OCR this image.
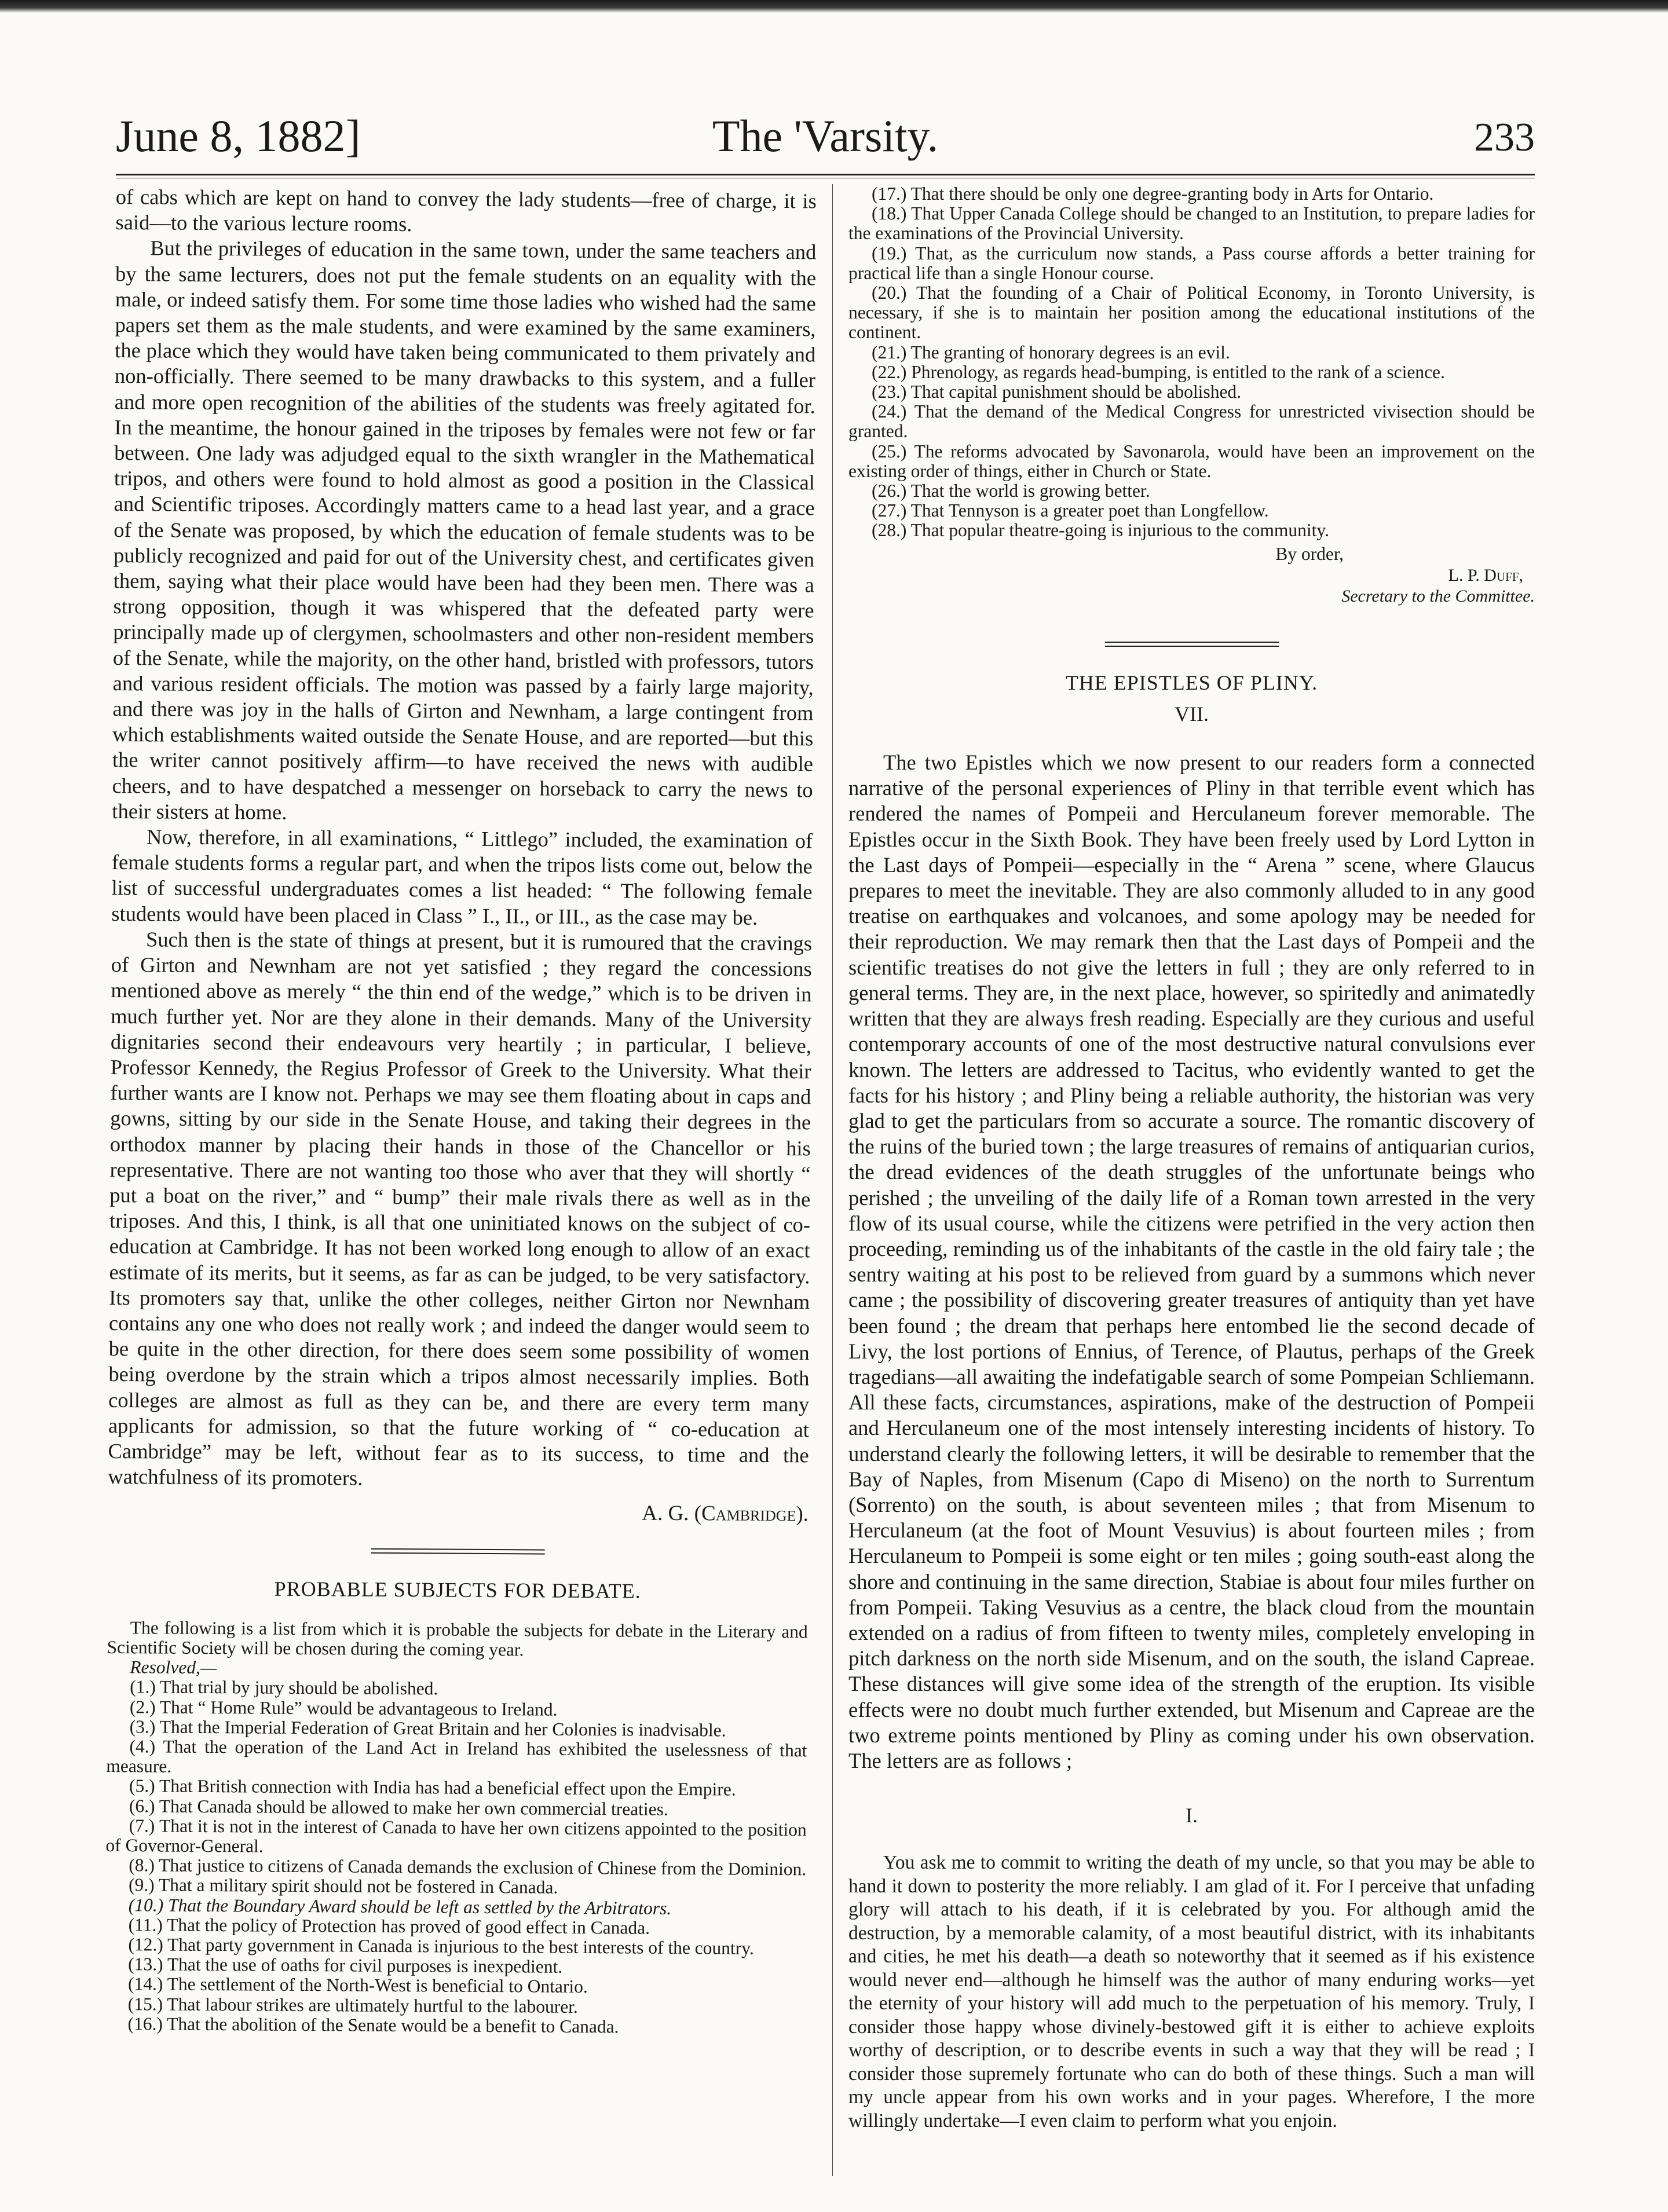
The 'Varsity.
June 8, 1882]	233

of cabs which are kept on hand to convey the lady students—free of charge, it is said—to the various lecture rooms.

But the privileges of education in the same town, under the same teachers and by the same lecturers, does not put the female students on an equality with the male, or indeed satisfy them. For some time those ladies who wished had the same papers set them as the male students, and were examined by the same examiners, the place which they would have taken being communicated to them privately and non-officially. There seemed to be many drawbacks to this system, and a fuller and more open recognition of the abilities of the students was freely agitated for. In the meantime, the honour gained in the triposes by females were not few or far between. One lady was adjudged equal to the sixth wrangler in the Mathematical tripos, and others were found to hold almost as good a position in the Classical and Scientific triposes. Accordingly matters came to a head last year, and a grace of the Senate was proposed, by which the education of female students was to be publicly recognized and paid for out of the University chest, and certificates given them, saying what their place would have been had they been men. There was a strong opposition, though it was whispered that the defeated party were principally made up of clergymen, schoolmasters and other non-resident members of the Senate, while the majority, on the other hand, bristled with professors, tutors and various resident officials. The motion was passed by a fairly large majority, and there was joy in the halls of Girton and Newnham, a large contingent from which establishments waited outside the Senate House, and are reported—but this the writer cannot positively affirm—to have received the news with audible cheers, and to have despatched a messenger on horseback to carry the news to their sisters at home.

Now, therefore, in all examinations, “ Littlego” included, the examination of female students forms a regular part, and when the tripos lists come out, below the list of successful undergraduates comes a list headed: “ The following female students would have been placed in Class ” I., II., or III., as the case may be.

Such then is the state of things at present, but it is rumoured that the cravings of Girton and Newnham are not yet satisfied ; they regard the concessions mentioned above as merely “ the thin end of the wedge,” which is to be driven in much further yet. Nor are they alone in their demands. Many of the University dignitaries second their endeavours very heartily ; in particular, I believe, Professor Kennedy, the Regius Professor of Greek to the University. What their further wants are I know not. Perhaps we may see them floating about in caps and gowns, sitting by our side in the Senate House, and taking their degrees in the orthodox manner by placing their hands in those of the Chancellor or his representative. There are not wanting too those who aver that they will shortly “ put a boat on the river,” and “ bump” their male rivals there as well as in the triposes. And this, I think, is all that one uninitiated knows on the subject of co-education at Cambridge. It has not been worked long enough to allow of an exact estimate of its merits, but it seems, as far as can be judged, to be very satisfactory. Its promoters say that, unlike the other colleges, neither Girton nor Newnham contains any one who does not really work ; and indeed the danger would seem to be quite in the other direction, for there does seem some possibility of women being overdone by the strain which a tripos almost necessarily implies. Both colleges are almost as full as they can be, and there are every term many applicants for admission, so that the future working of “ co-education at Cambridge” may be left, without fear as to its success, to time and the watchfulness of its promoters.

A. G. (Cambridge).
PROBABLE SUBJECTS FOR DEBATE.

The following is a list from which it is probable the subjects for debate in the Literary and Scientific Society will be chosen during the coming year.

Resolved,—

(1.) That trial by jury should be abolished.

(2.) That “ Home Rule” would be advantageous to Ireland.

(3.) That the Imperial Federation of Great Britain and her Colonies is inadvisable.

(4.) That the operation of the Land Act in Ireland has exhibited the uselessness of that measure.

(5.) That British connection with India has had a beneficial effect upon the Empire.

(6.) That Canada should be allowed to make her own commercial treaties.

(7.) That it is not in the interest of Canada to have her own citizens appointed to the position of Governor-General.

(8.) That justice to citizens of Canada demands the exclusion of Chinese from the Dominion.

(9.) That a military spirit should not be fostered in Canada.

(10.) That the Boundary Award should be left as settled by the Arbitrators.

(11.) That the policy of Protection has proved of good effect in Canada.

(12.) That party government in Canada is injurious to the best interests of the country.

(13.) That the use of oaths for civil purposes is inexpedient.

(14.) The settlement of the North-West is beneficial to Ontario.

(15.) That labour strikes are ultimately hurtful to the labourer.

(16.) That the abolition of the Senate would be a benefit to Canada.

(17.) That there should be only one degree-granting body in Arts for Ontario.

(18.) That Upper Canada College should be changed to an Institution, to prepare ladies for the examinations of the Provincial University.

(19.) That, as the curriculum now stands, a Pass course affords a better training for practical life than a single Honour course.

(20.) That the founding of a Chair of Political Economy, in Toronto University, is necessary, if she is to maintain her position among the educational institutions of the continent.

(21.) The granting of honorary degrees is an evil.

(22.) Phrenology, as regards head-bumping, is entitled to the rank of a science.

(23.) That capital punishment should be abolished.

(24.) That the demand of the Medical Congress for unrestricted vivisection should be granted.

(25.) The reforms advocated by Savonarola, would have been an improvement on the existing order of things, either in Church or State.

(26.) That the world is growing better.

(27.) That Tennyson is a greater poet than Longfellow.

(28.) That popular theatre-going is injurious to the community.

By order,
L. P. Duff,
Secretary to the Committee.
THE EPISTLES OF PLINY.
VII.

The two Epistles which we now present to our readers form a connected narrative of the personal experiences of Pliny in that terrible event which has rendered the names of Pompeii and Herculaneum forever memorable. The Epistles occur in the Sixth Book. They have been freely used by Lord Lytton in the Last days of Pompeii—especially in the “ Arena ” scene, where Glaucus prepares to meet the inevitable. They are also commonly alluded to in any good treatise on earthquakes and volcanoes, and some apology may be needed for their reproduction. We may remark then that the Last days of Pompeii and the scientific treatises do not give the letters in full ; they are only referred to in general terms. They are, in the next place, however, so spiritedly and animatedly written that they are always fresh reading. Especially are they curious and useful contemporary accounts of one of the most destructive natural convulsions ever known. The letters are addressed to Tacitus, who evidently wanted to get the facts for his history ; and Pliny being a reliable authority, the historian was very glad to get the particulars from so accurate a source. The romantic discovery of the ruins of the buried town ; the large treasures of remains of antiquarian curios, the dread evidences of the death struggles of the unfortunate beings who perished ; the unveiling of the daily life of a Roman town arrested in the very flow of its usual course, while the citizens were petrified in the very action then proceeding, reminding us of the inhabitants of the castle in the old fairy tale ; the sentry waiting at his post to be relieved from guard by a summons which never came ; the possibility of discovering greater treasures of antiquity than yet have been found ; the dream that perhaps here entombed lie the second decade of Livy, the lost portions of Ennius, of Terence, of Plautus, perhaps of the Greek tragedians—all awaiting the indefatigable search of some Pompeian Schliemann. All these facts, circumstances, aspirations, make of the destruction of Pompeii and Herculaneum one of the most intensely interesting incidents of history. To understand clearly the following letters, it will be desirable to remember that the Bay of Naples, from Misenum (Capo di Miseno) on the north to Surrentum (Sorrento) on the south, is about seventeen miles ; that from Misenum to Herculaneum (at the foot of Mount Vesuvius) is about fourteen miles ; from Herculaneum to Pompeii is some eight or ten miles ; going south-east along the shore and continuing in the same direction, Stabiae is about four miles further on from Pompeii. Taking Vesuvius as a centre, the black cloud from the mountain extended on a radius of from fifteen to twenty miles, completely enveloping in pitch darkness on the north side Misenum, and on the south, the island Capreae. These distances will give some idea of the strength of the eruption. Its visible effects were no doubt much further extended, but Misenum and Capreae are the two extreme points mentioned by Pliny as coming under his own observation. The letters are as follows ;

I.

You ask me to commit to writing the death of my uncle, so that you may be able to hand it down to posterity the more reliably. I am glad of it. For I perceive that unfading glory will attach to his death, if it is celebrated by you. For although amid the destruction, by a memorable calamity, of a most beautiful district, with its inhabitants and cities, he met his death—a death so noteworthy that it seemed as if his existence would never end—although he himself was the author of many enduring works—yet the eternity of your history will add much to the perpetuation of his memory. Truly, I consider those happy whose divinely-bestowed gift it is either to achieve exploits worthy of description, or to describe events in such a way that they will be read ; I consider those supremely fortunate who can do both of these things. Such a man will my uncle appear from his own works and in your pages. Wherefore, I the more willingly undertake—I even claim to perform what you enjoin.
